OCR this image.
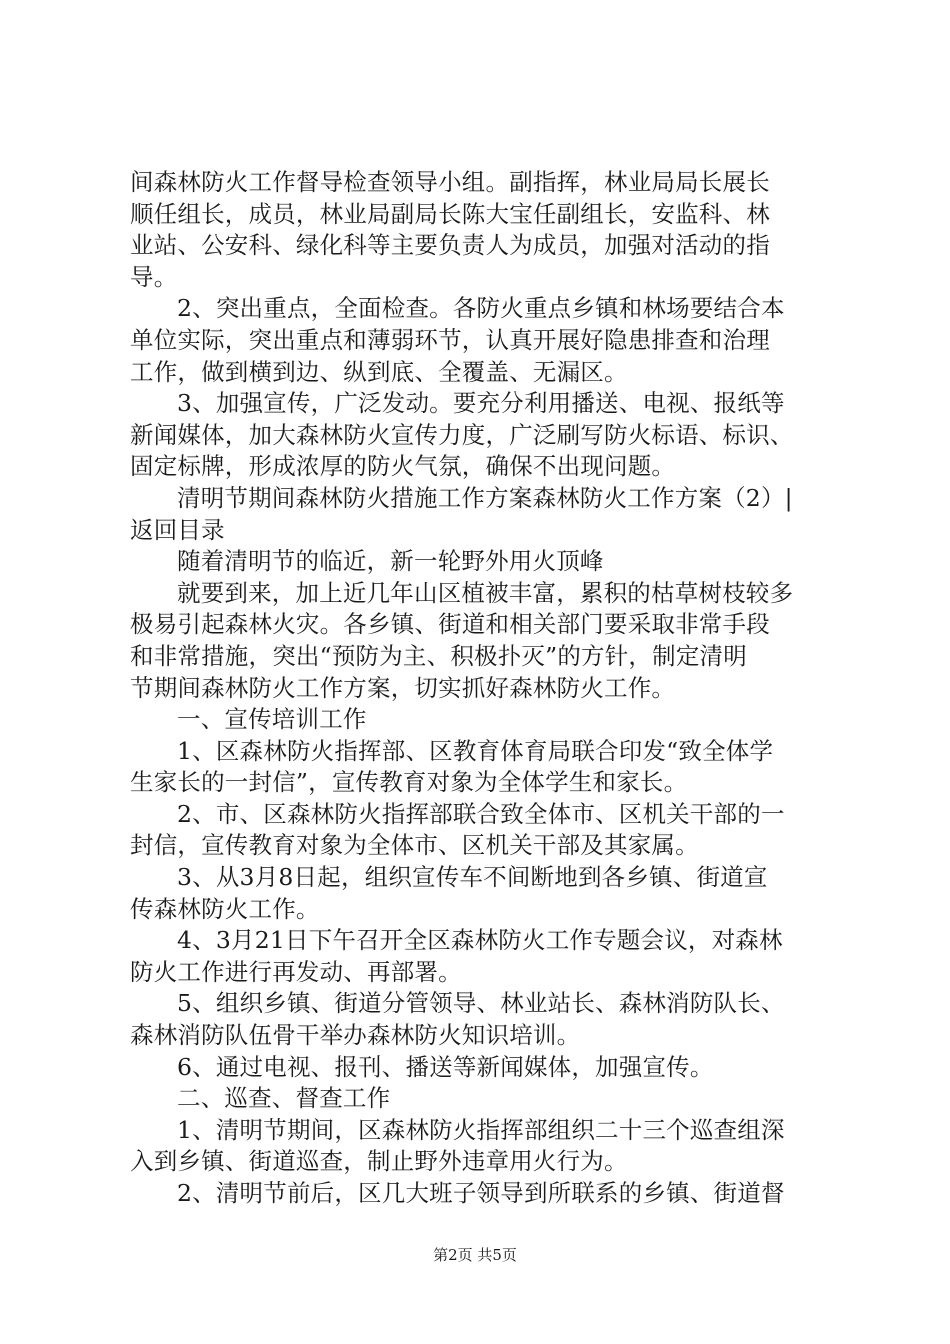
间森林防火工作督导检查领导小组。副指挥，林业局局长展长
顺任组长，成员，林业局副局长陈大宝任副组长，安监科、林
业站、公安科、绿化科等主要负责人为成员，加强对活动的指
导。
2、突出重点，全面检查。各防火重点乡镇和林场要结合本
单位实际，突出重点和薄弱环节，认真开展好隐患排查和治理
工作，做到横到边、纵到底、全覆盖、无漏区。
3、加强宣传，广泛发动。要充分利用播送、电视、报纸等
新闻媒体，加大森林防火宣传力度，广泛刷写防火标语、标识、
固定标牌，形成浓厚的防火气氛，确保不出现问题。
清明节期间森林防火措施工作方案森林防火工作方案（2）|
返回目录
随着清明节的临近，新一轮野外用火顶峰
就要到来，加上近几年山区植被丰富，累积的枯草树枝较多
极易引起森林火灾。各乡镇、街道和相关部门要采取非常手段
和非常措施，突出“预防为主、积极扑灭”的方针，制定清明
节期间森林防火工作方案，切实抓好森林防火工作。
一、宣传培训工作
1、区森林防火指挥部、区教育体育局联合印发“致全体学
生家长的一封信”，宣传教育对象为全体学生和家长。
2、市、区森林防火指挥部联合致全体市、区机关干部的一
封信，宣传教育对象为全体市、区机关干部及其家属。
3、从3月8日起，组织宣传车不间断地到各乡镇、街道宣
传森林防火工作。
4、3月21日下午召开全区森林防火工作专题会议，对森林
防火工作进行再发动、再部署。
5、组织乡镇、街道分管领导、林业站长、森林消防队长、
森林消防队伍骨干举办森林防火知识培训。
6、通过电视、报刊、播送等新闻媒体，加强宣传。
二、巡查、督查工作
1、清明节期间，区森林防火指挥部组织二十三个巡查组深
入到乡镇、街道巡查，制止野外违章用火行为。
2、清明节前后，区几大班子领导到所联系的乡镇、街道督
第2页 共5页
